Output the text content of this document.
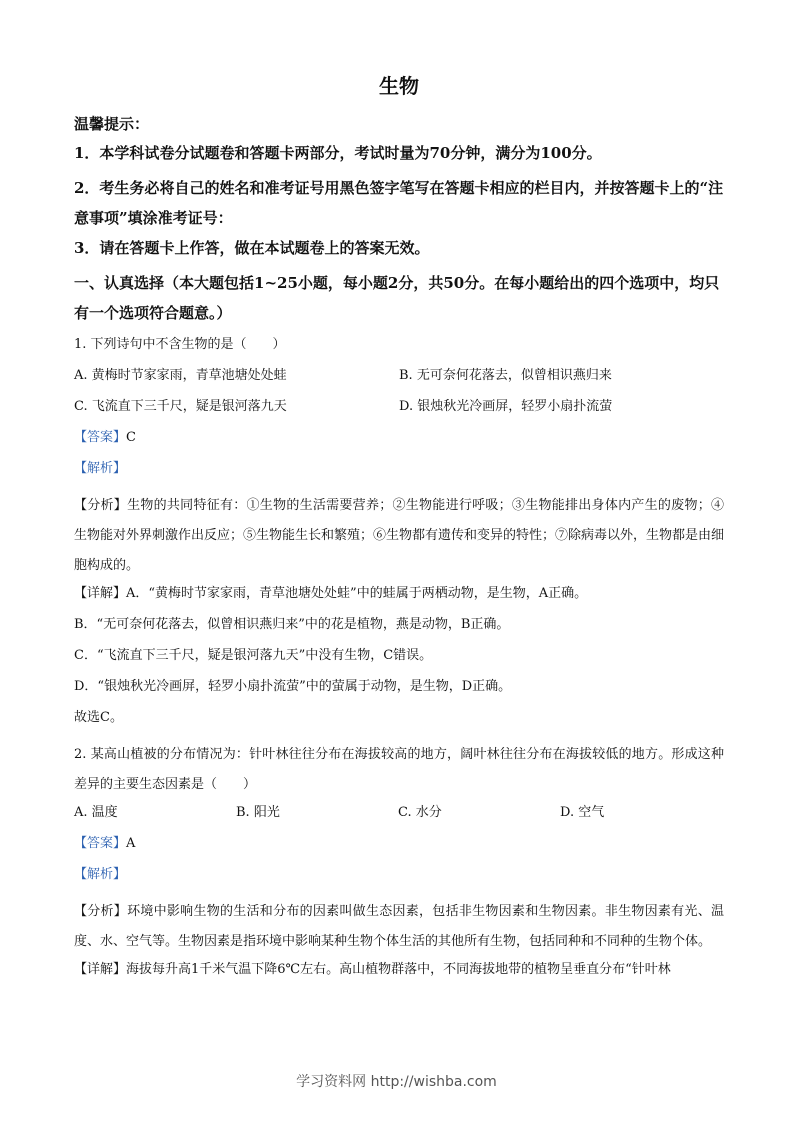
生物
温馨提示：
1．本学科试卷分试题卷和答题卡两部分，考试时量为70分钟，满分为100分。
2．考生务必将自己的姓名和准考证号用黑色签字笔写在答题卡相应的栏目内，并按答题卡上的“注意事项”填涂准考证号：
3．请在答题卡上作答，做在本试题卷上的答案无效。
一、认真选择（本大题包括1~25小题，每小题2分，共50分。在每小题给出的四个选项中，均只有一个选项符合题意。）
1. 下列诗句中不含生物的是（　　）
A. 黄梅时节家家雨，青草池塘处处蛙	B. 无可奈何花落去，似曾相识燕归来
C. 飞流直下三千尺，疑是银河落九天	D. 银烛秋光冷画屏，轻罗小扇扑流萤
【答案】C
【解析】
【分析】生物的共同特征有：①生物的生活需要营养；②生物能进行呼吸；③生物能排出身体内产生的废物；④生物能对外界刺激作出反应；⑤生物能生长和繁殖；⑥生物都有遗传和变异的特性；⑦除病毒以外，生物都是由细胞构成的。
【详解】A．“黄梅时节家家雨，青草池塘处处蛙”中的蛙属于两栖动物，是生物，A正确。
B．“无可奈何花落去，似曾相识燕归来”中的花是植物，燕是动物，B正确。
C．“飞流直下三千尺，疑是银河落九天”中没有生物，C错误。
D．“银烛秋光冷画屏，轻罗小扇扑流萤”中的萤属于动物，是生物，D正确。
故选C。
2. 某高山植被的分布情况为：针叶林往往分布在海拔较高的地方，阔叶林往往分布在海拔较低的地方。形成这种差异的主要生态因素是（　　）
A. 温度	B. 阳光	C. 水分	D. 空气
【答案】A
【解析】
【分析】环境中影响生物的生活和分布的因素叫做生态因素，包括非生物因素和生物因素。非生物因素有光、温度、水、空气等。生物因素是指环境中影响某种生物个体生活的其他所有生物，包括同种和不同种的生物个体。
【详解】海拔每升高1千米气温下降6℃左右。高山植物群落中，不同海拔地带的植物呈垂直分布“针叶林
学习资料网 http://wishba.com
